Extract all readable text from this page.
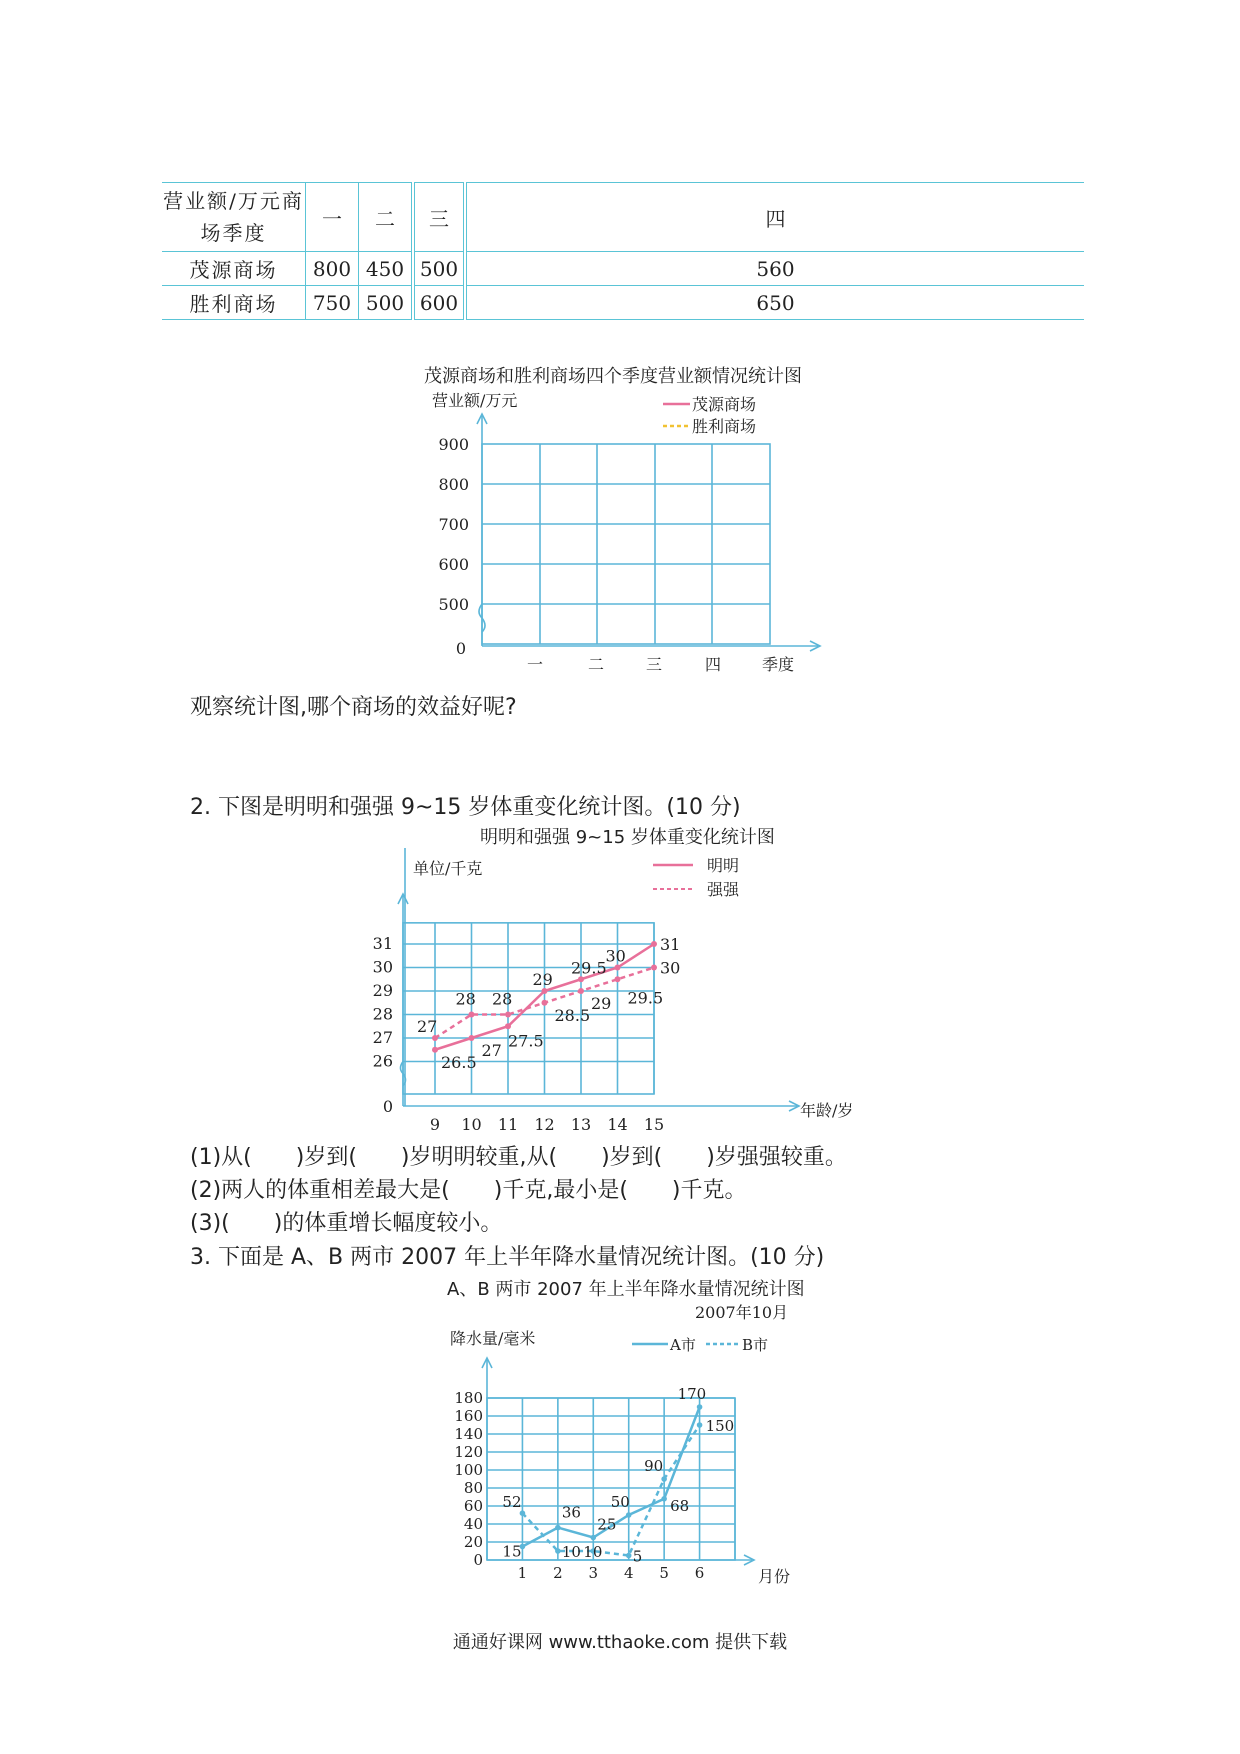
营业额/万元商场季度	一	二	三	四
茂源商场	800	450	500	560
胜利商场	750	500	600	650
茂源商场和胜利商场四个季度营业额情况统计图
900
800
700
600
500
0
一	二	三	四	季度
营业额/万元	茂源商场
胜利商场
观察统计图,哪个商场的效益好呢?
2. 下图是明明和强强 9~15 岁体重变化统计图。(10 分)
明明和强强 9~15 岁体重变化统计图
0
26
27
28
29
30
31
9 10 11 12 13 14 15
26.5
27
27.5
29
29.5
30
31
27
28 28
28.5
29 29.5
30
单位/千克	明明
强强
年龄/岁
(1)从(　　)岁到(　　)岁明明较重,从(　　)岁到(　　)岁强强较重。
(2)两人的体重相差最大是(　　)千克,最小是(　　)千克。
(3)(　　)的体重增长幅度较小。
3. 下面是 A、B 两市 2007 年上半年降水量情况统计图。(10 分)
A、B 两市 2007 年上半年降水量情况统计图
0
20
40
60
80
100
120
140
160
180
1 2 3 4 5 6
15
36
25
50	68
170
52
10 10 5
90
150
2007年10月
降水量/毫米	A市	B市
月份
通通好课网 www.tthaoke.com 提供下载
